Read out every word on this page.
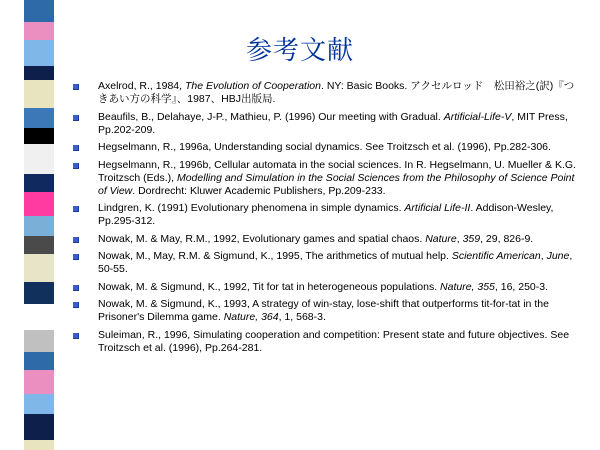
参考文献
Axelrod, R., 1984, The Evolution of Cooperation. NY: Basic Books. アクセルロッド　松田裕之(訳)『つきあい方の科学』、1987、HBJ出版局.
Beaufils, B., Delahaye, J-P., Mathieu, P. (1996) Our meeting with Gradual. Artificial-Life-V, MIT Press, Pp.202-209.
Hegselmann, R., 1996a, Understanding social dynamics. See Troitzsch et al. (1996), Pp.282-306.
Hegselmann, R., 1996b, Cellular automata in the social sciences. In R. Hegselmann, U. Mueller & K.G. Troitzsch (Eds.), Modelling and Simulation in the Social Sciences from the Philosophy of Science Point of View. Dordrecht: Kluwer Academic Publishers, Pp.209-233.
Lindgren, K. (1991) Evolutionary phenomena in simple dynamics. Artificial Life-II. Addison-Wesley, Pp.295-312.
Nowak, M. & May, R.M., 1992, Evolutionary games and spatial chaos. Nature, 359, 29, 826-9.
Nowak, M., May, R.M. & Sigmund, K., 1995, The arithmetics of mutual help. Scientific American, June, 50-55.
Nowak, M. & Sigmund, K., 1992, Tit for tat in heterogeneous populations. Nature, 355, 16, 250-3.
Nowak, M. & Sigmund, K., 1993, A strategy of win-stay, lose-shift that outperforms tit-for-tat in the Prisoner's Dilemma game. Nature, 364, 1, 568-3.
Suleiman, R., 1996, Simulating cooperation and competition: Present state and future objectives. See Troitzsch et al. (1996), Pp.264-281.
